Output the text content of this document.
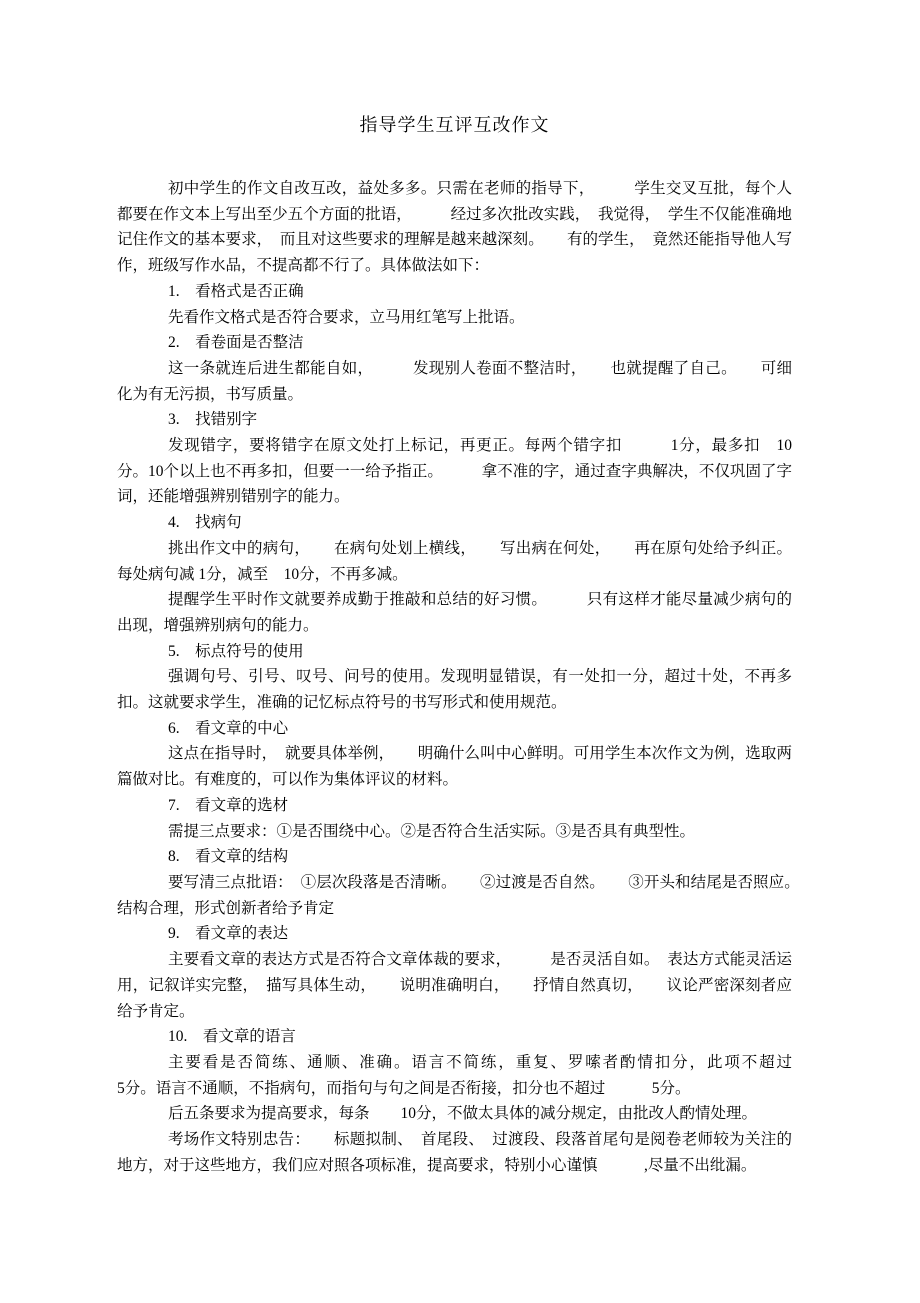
指导学生互评互改作文

初中学生的作文自改互改，益处多多。只需在老师的指导下，　　　学生交叉互批，每个人都要在作文本上写出至少五个方面的批语，　　　经过多次批改实践，　我觉得，　学生不仅能准确地记住作文的基本要求，　而且对这些要求的理解是越来越深刻。　　有的学生，　竟然还能指导他人写作，班级写作水品，不提高都不行了。具体做法如下：

1.　看格式是否正确

先看作文格式是否符合要求，立马用红笔写上批语。

2.　看卷面是否整洁

这一条就连后进生都能自如，　　　发现别人卷面不整洁时，　　也就提醒了自己。　　可细化为有无污损，书写质量。

3.　找错别字

发现错字，要将错字在原文处打上标记，再更正。每两个错字扣　　　1分，最多扣　10分。10个以上也不再多扣，但要一一给予指正。　　　拿不准的字，通过查字典解决，不仅巩固了字词，还能增强辨别错别字的能力。

4.　找病句

挑出作文中的病句，　　在病句处划上横线，　　写出病在何处，　　再在原句处给予纠正。每处病句减 1分，减至　10分，不再多减。

提醒学生平时作文就要养成勤于推敲和总结的好习惯。　　　只有这样才能尽量减少病句的出现，增强辨别病句的能力。

5.　标点符号的使用

强调句号、引号、叹号、问号的使用。发现明显错误，有一处扣一分，超过十处，不再多扣。这就要求学生，准确的记忆标点符号的书写形式和使用规范。

6.　看文章的中心

这点在指导时，　就要具体举例，　　明确什么叫中心鲜明。可用学生本次作文为例，选取两篇做对比。有难度的，可以作为集体评议的材料。

7.　看文章的选材

需提三点要求：①是否围绕中心。②是否符合生活实际。③是否具有典型性。

8.　看文章的结构

要写清三点批语：　①层次段落是否清晰。　　②过渡是否自然。　　③开头和结尾是否照应。　　　结构合理，形式创新者给予肯定

9.　看文章的表达

主要看文章的表达方式是否符合文章体裁的要求，　　　是否灵活自如。　表达方式能灵活运用，记叙详实完整，　描写具体生动，　　说明准确明白，　　抒情自然真切，　　议论严密深刻者应给予肯定。

10.　看文章的语言

主要看是否简练、通顺、准确。语言不简练，重复、罗嗦者酌情扣分，此项不超过　　　　　　5分。语言不通顺，不指病句，而指句与句之间是否衔接，扣分也不超过　　　5分。

后五条要求为提高要求，每条　　10分，不做太具体的减分规定，由批改人酌情处理。

考场作文特别忠告：　　标题拟制、　首尾段、　过渡段、段落首尾句是阅卷老师较为关注的地方，对于这些地方，我们应对照各项标准，提高要求，特别小心谨慎　　　,尽量不出纰漏。
